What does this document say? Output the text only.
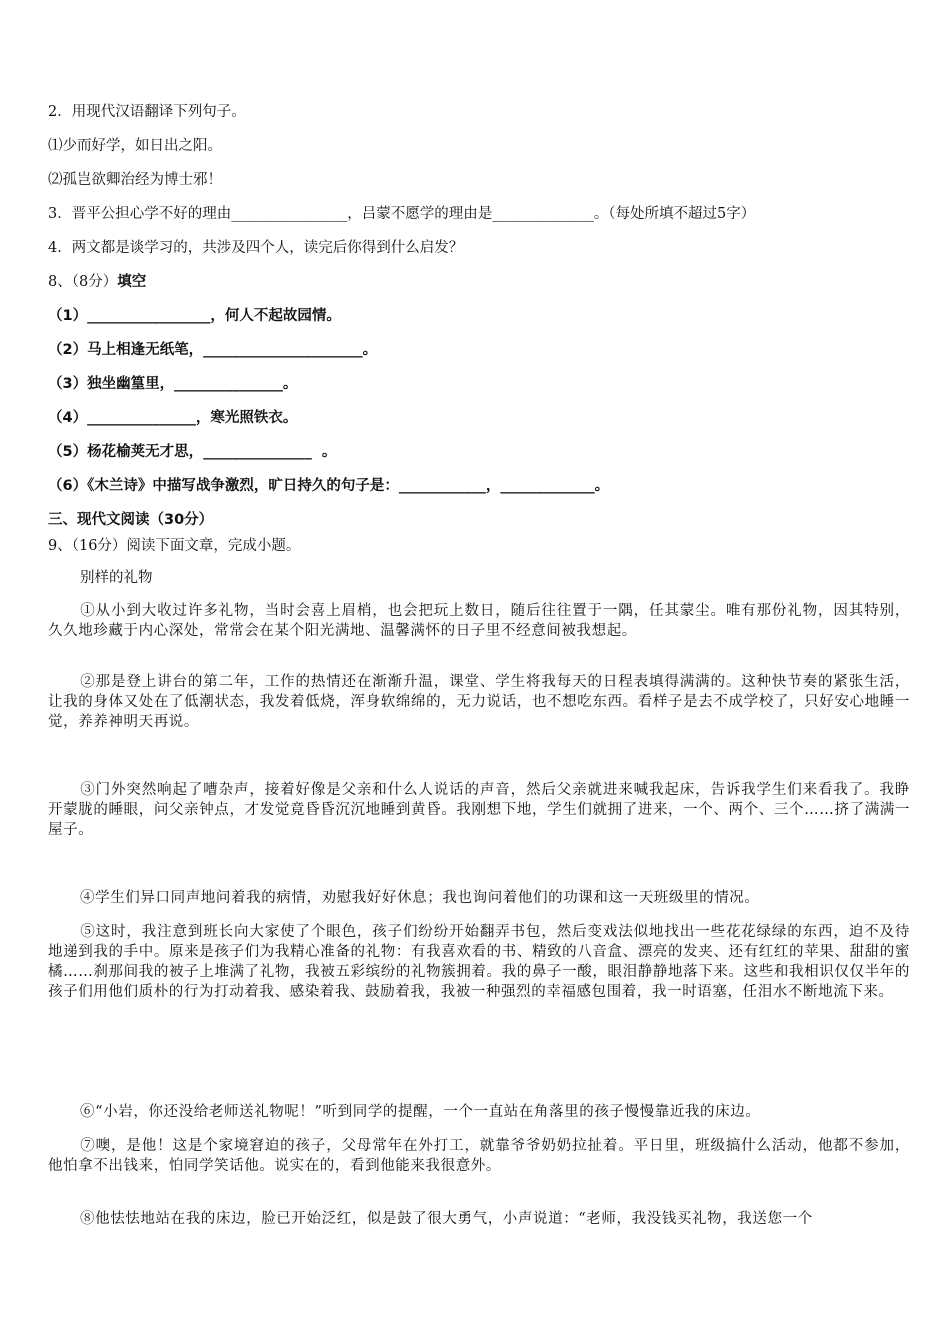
2．用现代汉语翻译下列句子。
⑴少而好学，如日出之阳。
⑵孤岂欲卿治经为博士邪！
3．晋平公担心学不好的理由________________，吕蒙不愿学的理由是______________。（每处所填不超过5字）
4．两文都是谈学习的，共涉及四个人，读完后你得到什么启发？
8、（8分）填空
（1）_________________，何人不起故园情。
（2）马上相逢无纸笔，______________________。
（3）独坐幽篁里，_______________。
（4）_______________，寒光照铁衣。
（5）杨花榆荚无才思，_______________  。
（6）《木兰诗》中描写战争激烈，旷日持久的句子是：____________，_____________。
三、现代文阅读（30分）
9、（16分）阅读下面文章，完成小题。
别样的礼物
①从小到大收过许多礼物，当时会喜上眉梢，也会把玩上数日，随后往往置于一隅，任其蒙尘。唯有那份礼物，因其特别，久久地珍藏于内心深处，常常会在某个阳光满地、温馨满怀的日子里不经意间被我想起。
②那是登上讲台的第二年，工作的热情还在渐渐升温，课堂、学生将我每天的日程表填得满满的。这种快节奏的紧张生活，让我的身体又处在了低潮状态，我发着低烧，浑身软绵绵的，无力说话，也不想吃东西。看样子是去不成学校了，只好安心地睡一觉，养养神明天再说。
③门外突然响起了嘈杂声，接着好像是父亲和什么人说话的声音，然后父亲就进来喊我起床，告诉我学生们来看我了。我睁开蒙胧的睡眼，问父亲钟点，才发觉竟昏昏沉沉地睡到黄昏。我刚想下地，学生们就拥了进来，一个、两个、三个……挤了满满一屋子。
④学生们异口同声地问着我的病情，劝慰我好好休息；我也询问着他们的功课和这一天班级里的情况。
⑤这时，我注意到班长向大家使了个眼色，孩子们纷纷开始翻弄书包，然后变戏法似地找出一些花花绿绿的东西，迫不及待地递到我的手中。原来是孩子们为我精心准备的礼物：有我喜欢看的书、精致的八音盒、漂亮的发夹、还有红红的苹果、甜甜的蜜橘……刹那间我的被子上堆满了礼物，我被五彩缤纷的礼物簇拥着。我的鼻子一酸，眼泪静静地落下来。这些和我相识仅仅半年的孩子们用他们质朴的行为打动着我、感染着我、鼓励着我，我被一种强烈的幸福感包围着，我一时语塞，任泪水不断地流下来。
⑥“小岩，你还没给老师送礼物呢！”听到同学的提醒，一个一直站在角落里的孩子慢慢靠近我的床边。
⑦噢，是他！这是个家境窘迫的孩子，父母常年在外打工，就靠爷爷奶奶拉扯着。平日里，班级搞什么活动，他都不参加，他怕拿不出钱来，怕同学笑话他。说实在的，看到他能来我很意外。
⑧他怯怯地站在我的床边，脸已开始泛红，似是鼓了很大勇气，小声说道：“老师，我没钱买礼物，我送您一个
